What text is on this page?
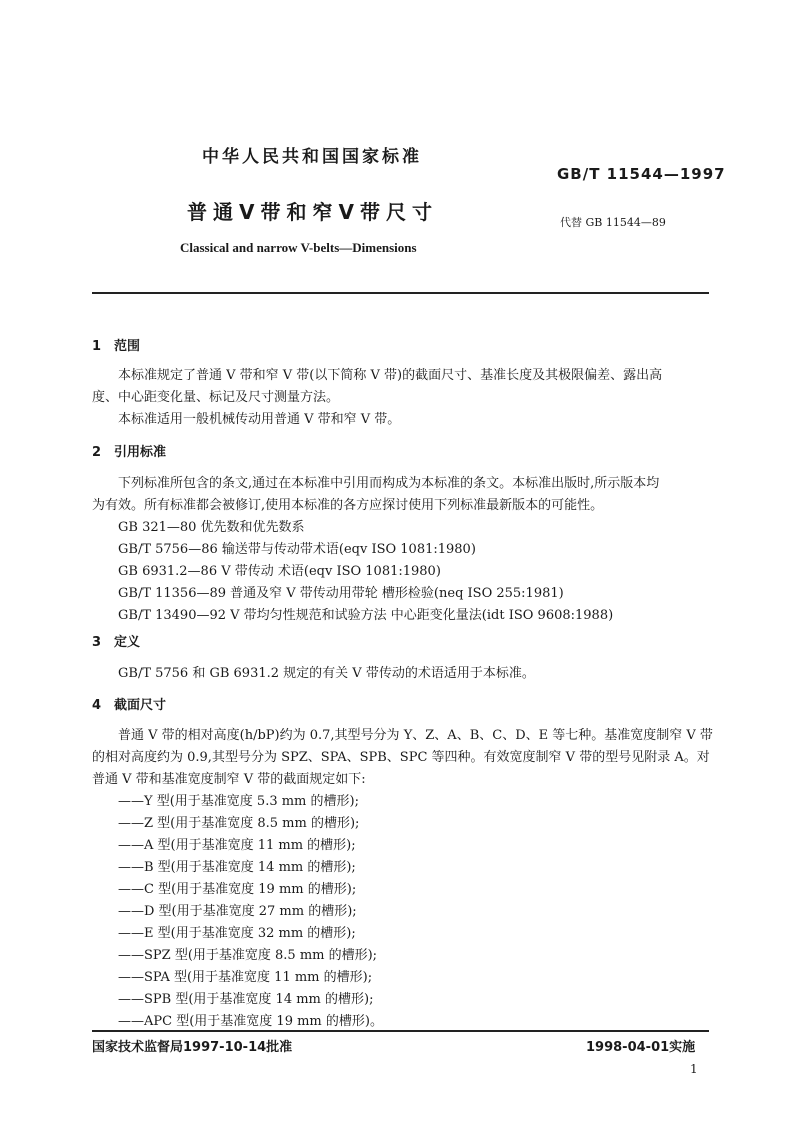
中华人民共和国国家标准
GB/T 11544—1997
普通V带和窄V带尺寸	代替 GB 11544—89
Classical and narrow V-belts—Dimensions
1 范围
本标准规定了普通 V 带和窄 V 带(以下简称 V 带)的截面尺寸、基准长度及其极限偏差、露出高
度、中心距变化量、标记及尺寸测量方法。
本标准适用一般机械传动用普通 V 带和窄 V 带。
2 引用标准
下列标准所包含的条文,通过在本标准中引用而构成为本标准的条文。本标准出版时,所示版本均
为有效。所有标准都会被修订,使用本标准的各方应探讨使用下列标准最新版本的可能性。
GB 321—80 优先数和优先数系
GB/T 5756—86 输送带与传动带术语(eqv ISO 1081:1980)
GB 6931.2—86 V 带传动 术语(eqv ISO 1081:1980)
GB/T 11356—89 普通及窄 V 带传动用带轮 槽形检验(neq ISO 255:1981)
GB/T 13490—92 V 带均匀性规范和试验方法 中心距变化量法(idt ISO 9608:1988)
3 定义
GB/T 5756 和 GB 6931.2 规定的有关 V 带传动的术语适用于本标准。
4 截面尺寸
普通 V 带的相对高度(h/bP)约为 0.7,其型号分为 Y、Z、A、B、C、D、E 等七种。基准宽度制窄 V 带
的相对高度约为 0.9,其型号分为 SPZ、SPA、SPB、SPC 等四种。有效宽度制窄 V 带的型号见附录 A。对
普通 V 带和基准宽度制窄 V 带的截面规定如下:
——Y 型(用于基准宽度 5.3 mm 的槽形);
——Z 型(用于基准宽度 8.5 mm 的槽形);
——A 型(用于基准宽度 11 mm 的槽形);
——B 型(用于基准宽度 14 mm 的槽形);
——C 型(用于基准宽度 19 mm 的槽形);
——D 型(用于基准宽度 27 mm 的槽形);
——E 型(用于基准宽度 32 mm 的槽形);
——SPZ 型(用于基准宽度 8.5 mm 的槽形);
——SPA 型(用于基准宽度 11 mm 的槽形);
——SPB 型(用于基准宽度 14 mm 的槽形);
——APC 型(用于基准宽度 19 mm 的槽形)。
国家技术监督局1997-10-14批准	1998-04-01实施
1
